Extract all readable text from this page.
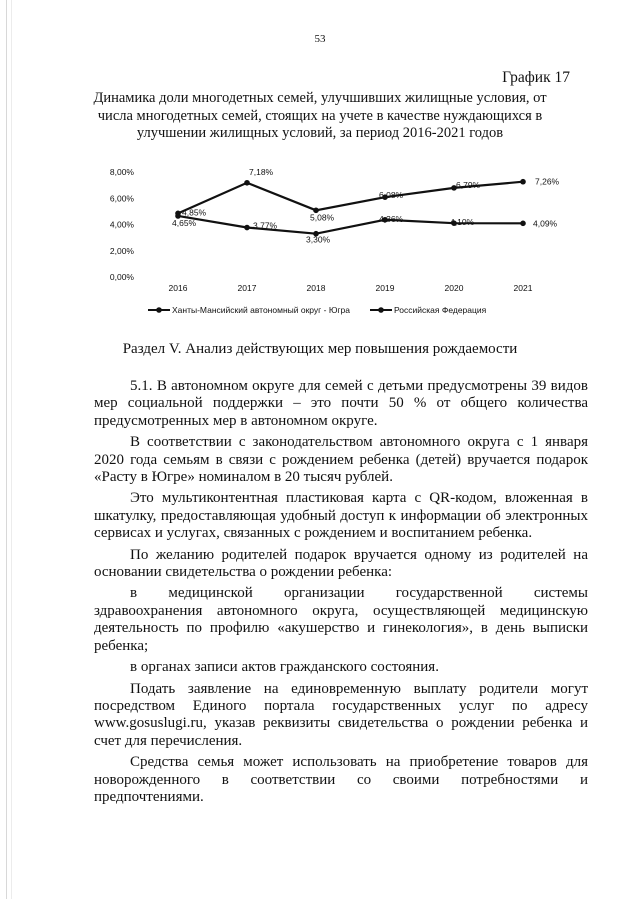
53
График 17
Динамика доли многодетных семей, улучшивших жилищные условия, от числа многодетных семей, стоящих на учете в качестве нуждающихся в улучшении жилищных условий, за период 2016-2021 годов
8,00%
6,00%
4,00%
2,00%
0,00%
2016	2017	2018	2019	2020	2021
4,85%
7,18%
5,08%
6,08%
6,79%	7,26%
4,65%	3,77%
3,30%
4,36%	4,10%	4,09%
Ханты-Мансийский автономный округ - Югра	Российская Федерация
Раздел V. Анализ действующих мер повышения рождаемости

5.1. В автономном округе для семей с детьми предусмотрены 39 видов мер социальной поддержки – это почти 50 % от общего количества предусмотренных мер в автономном округе.

В соответствии с законодательством автономного округа с 1 января 2020 года семьям в связи с рождением ребенка (детей) вручается подарок «Расту в Югре» номиналом в 20 тысяч рублей.

Это мультиконтентная пластиковая карта с QR-кодом, вложенная в шкатулку, предоставляющая удобный доступ к информации об электронных сервисах и услугах, связанных с рождением и воспитанием ребенка.

По желанию родителей подарок вручается одному из родителей на основании свидетельства о рождении ребенка:

в медицинской организации государственной системы здравоохранения автономного округа, осуществляющей медицинскую деятельность по профилю «акушерство и гинекология», в день выписки ребенка;

в органах записи актов гражданского состояния.

Подать заявление на единовременную выплату родители могут посредством Единого портала государственных услуг по адресу www.gosuslugi.ru, указав реквизиты свидетельства о рождении ребенка и счет для перечисления.

Средства семья может использовать на приобретение товаров для новорожденного в соответствии со своими потребностями и предпочтениями.
